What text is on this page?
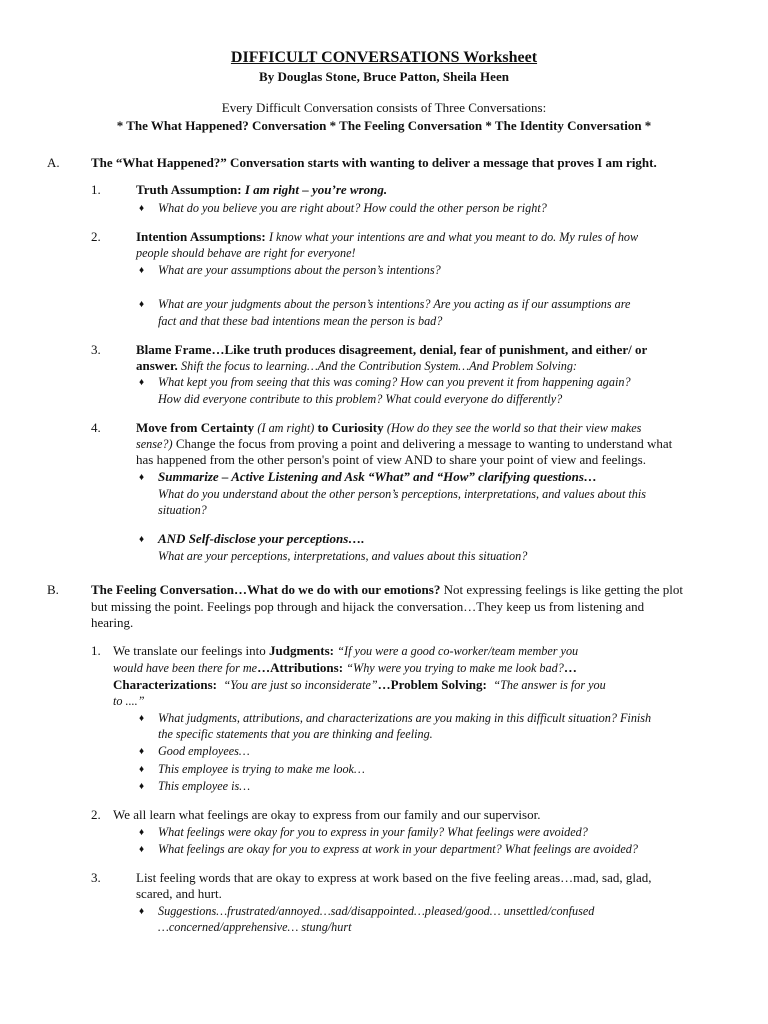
DIFFICULT CONVERSATIONS Worksheet
By Douglas Stone, Bruce Patton, Sheila Heen
Every Difficult Conversation consists of Three Conversations:
* The What Happened? Conversation * The Feeling Conversation * The Identity Conversation *
A. The “What Happened?” Conversation starts with wanting to deliver a message that proves I am right.
1.	Truth Assumption: I am right – you’re wrong.
♦ What do you believe you are right about? How could the other person be right?
2.	Intention Assumptions: I know what your intentions are and what you meant to do. My rules of how
people should behave are right for everyone!
♦ What are your assumptions about the person’s intentions?
♦ What are your judgments about the person’s intentions? Are you acting as if our assumptions are
fact and that these bad intentions mean the person is bad?
3.	Blame Frame…Like truth produces disagreement, denial, fear of punishment, and either/ or
answer. Shift the focus to learning…And the Contribution System…And Problem Solving:
♦ What kept you from seeing that this was coming? How can you prevent it from happening again?
How did everyone contribute to this problem? What could everyone do differently?
4.	Move from Certainty (I am right) to Curiosity (How do they see the world so that their view makes
sense?) Change the focus from proving a point and delivering a message to wanting to understand what
has happened from the other person's point of view AND to share your point of view and feelings.
♦ Summarize – Active Listening and Ask “What” and “How” clarifying questions…
What do you understand about the other person’s perceptions, interpretations, and values about this
situation?
♦ AND Self-disclose your perceptions….
What are your perceptions, interpretations, and values about this situation?
B. The Feeling Conversation…What do we do with our emotions? Not expressing feelings is like getting the plot
but missing the point. Feelings pop through and hijack the conversation…They keep us from listening and
hearing.
1. We translate our feelings into Judgments: “If you were a good co-worker/team member you
would have been there for me…Attributions: “Why were you trying to make me look bad?…
Characterizations: “You are just so inconsiderate”…Problem Solving: “The answer is for you
to ....”
♦ What judgments, attributions, and characterizations are you making in this difficult situation? Finish
the specific statements that you are thinking and feeling.
♦ Good employees…
♦ This employee is trying to make me look…
♦ This employee is…
2. We all learn what feelings are okay to express from our family and our supervisor.
♦ What feelings were okay for you to express in your family? What feelings were avoided?
♦ What feelings are okay for you to express at work in your department? What feelings are avoided?
3.	List feeling words that are okay to express at work based on the five feeling areas…mad, sad, glad,
scared, and hurt.
♦ Suggestions…frustrated/annoyed…sad/disappointed…pleased/good… unsettled/confused
…concerned/apprehensive… stung/hurt
